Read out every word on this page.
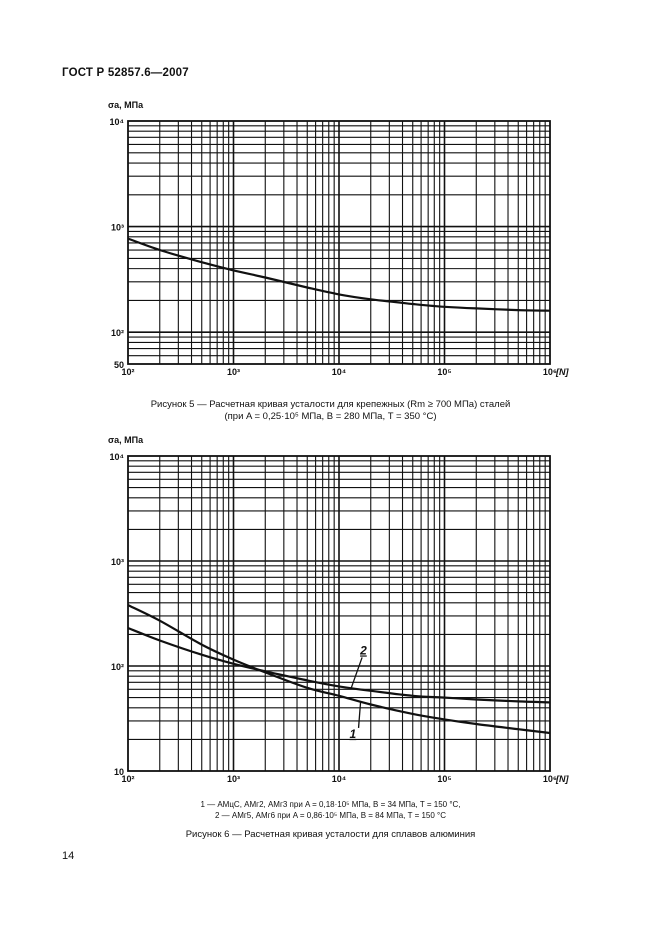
ГОСТ Р 52857.6—2007
10²	10³	10⁴	10⁵	10⁶
[N]
50
10²
10³
10⁴
σa, МПа
10²	10³	10⁴	10⁵	10⁶
[N]
10
10²
10³
10⁴
σa, МПа
2
1
Рисунок 5 — Расчетная кривая усталости для крепежных (Rm ≥ 700 МПа) сталей
(при A = 0,25·10⁵ МПа, B = 280 МПа, T = 350 °C)
1 — АМцС, АМг2, АМг3 при A = 0,18·10⁵ МПа, B = 34 МПа, T = 150 °C,
2 — АМг5, АМг6 при A = 0,86·10⁵ МПа, B = 84 МПа, T = 150 °C
Рисунок 6 — Расчетная кривая усталости для сплавов алюминия
14
